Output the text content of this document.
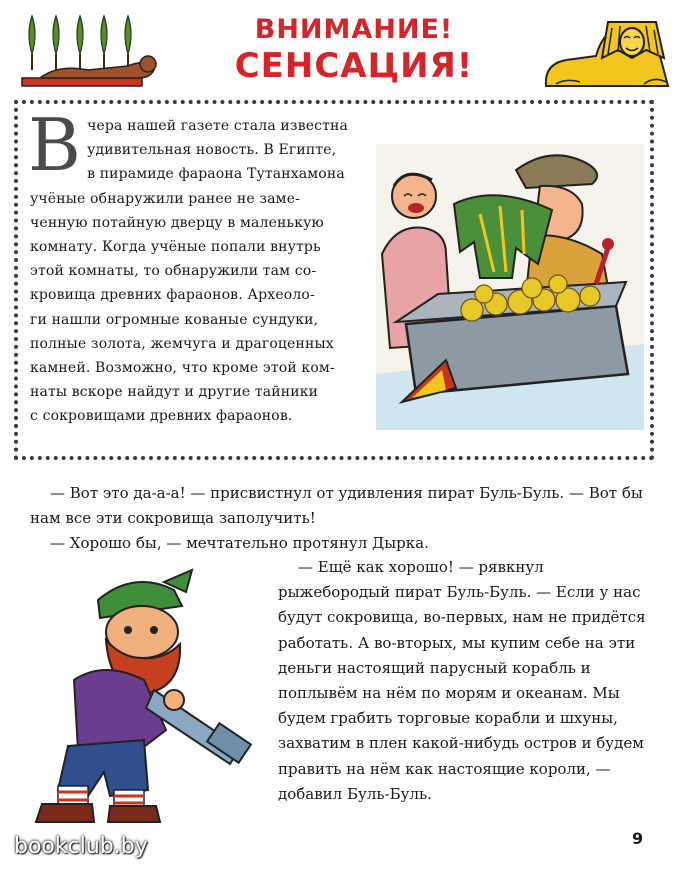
ВНИМАНИЕ!
СЕНСАЦИЯ!
В чера нашей газете стала известна
удивительная новость. В Египте,
в пирамиде фараона Тутанхамона
учёные обнаружили ранее не заме-
ченную потайную дверцу в маленькую
комнату. Когда учёные попали внутрь
этой комнаты, то обнаружили там со-
кровища древних фараонов. Археоло-
ги нашли огромные кованые сундуки,
полные золота, жемчуга и драгоценных
камней. Возможно, что кроме этой ком-
наты вскоре найдут и другие тайники
с сокровищами древних фараонов.
— Вот это да-а-а! — присвистнул от удивления пират Буль-Буль. — Вот бы нам все эти сокровища заполучить!
— Хорошо бы, — мечтательно протянул Дырка.
— Ещё как хорошо! — рявкнул рыжебородый пират Буль-Буль. — Если у нас будут сокровища, во-первых, нам не придётся работать. А во-вторых, мы купим себе на эти деньги настоящий парусный корабль и поплывём на нём по морям и океанам. Мы будем грабить торговые корабли и шхуны, захватим в плен какой-нибудь остров и будем править на нём как настоящие короли, — добавил Буль-Буль.
9
bookclub.by
